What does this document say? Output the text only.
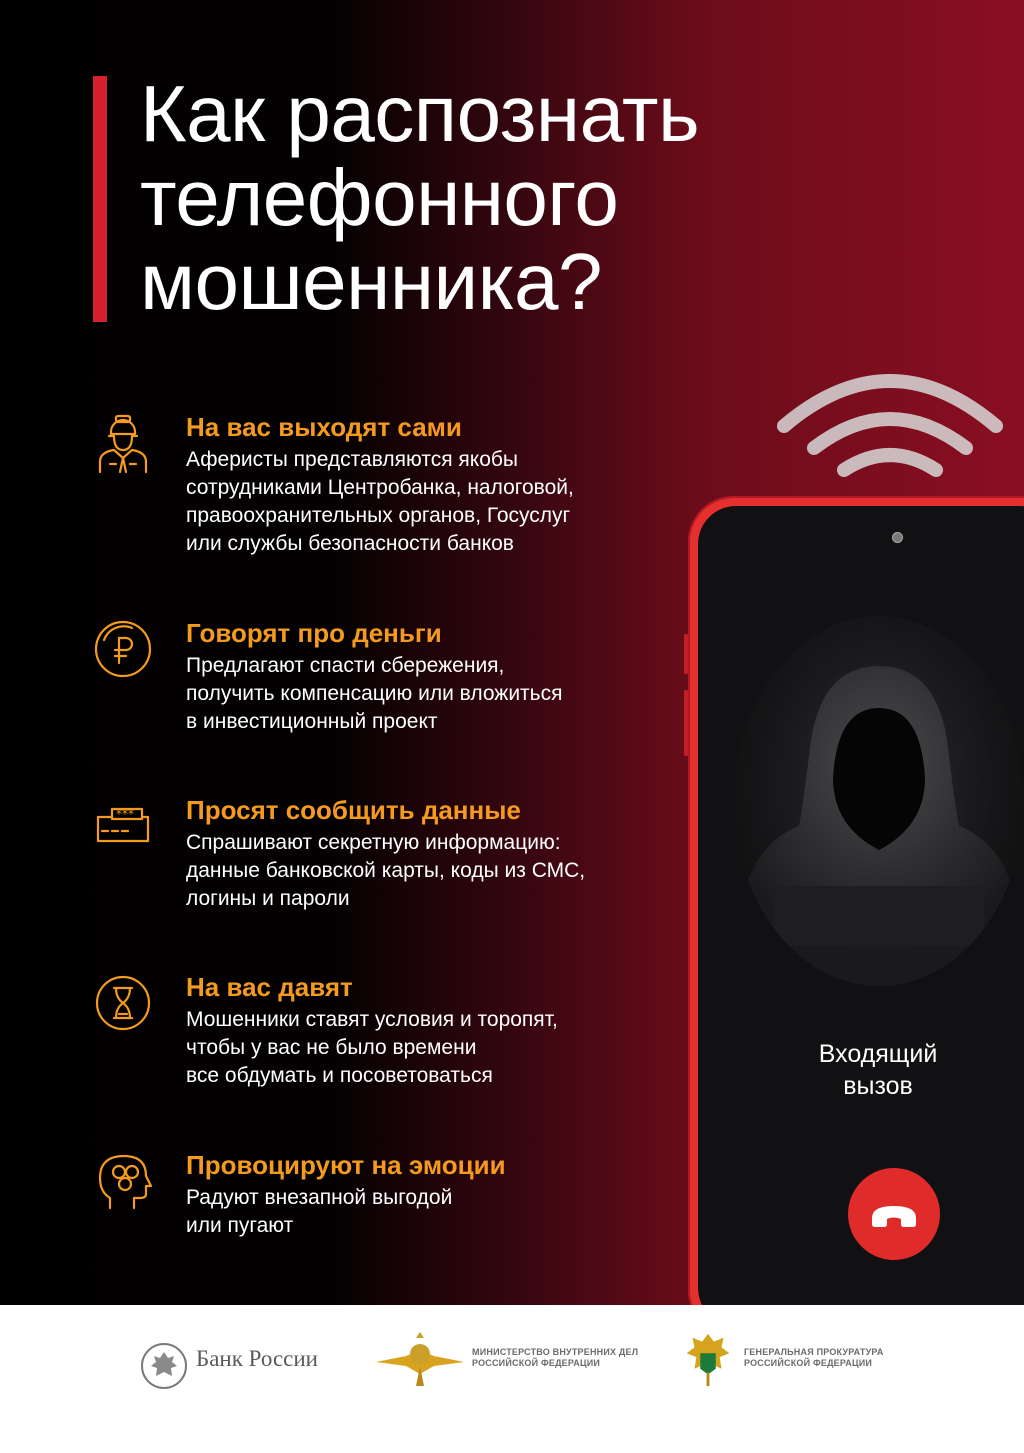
Как распознать
телефонного
мошенника?
На вас выходят сами
Аферисты представляются якобы
сотрудниками Центробанка, налоговой,
правоохранительных органов, Госуслуг
или службы безопасности банков
Говорят про деньги
Предлагают спасти сбережения,
получить компенсацию или вложиться
в инвестиционный проект
*** Просят сообщить данные
Спрашивают секретную информацию:
данные банковской карты, коды из СМС,
логины и пароли
На вас давят
Мошенники ставят условия и торопят,
чтобы у вас не было времени
все обдумать и посоветоваться
Провоцируют на эмоции
Радуют внезапной выгодой
или пугают
Входящий
вызов
Банк России	МИНИСТЕРСТВО ВНУТРЕННИХ ДЕЛ
РОССИЙСКОЙ ФЕДЕРАЦИИ
ГЕНЕРАЛЬНАЯ ПРОКУРАТУРА
РОССИЙСКОЙ ФЕДЕРАЦИИ
